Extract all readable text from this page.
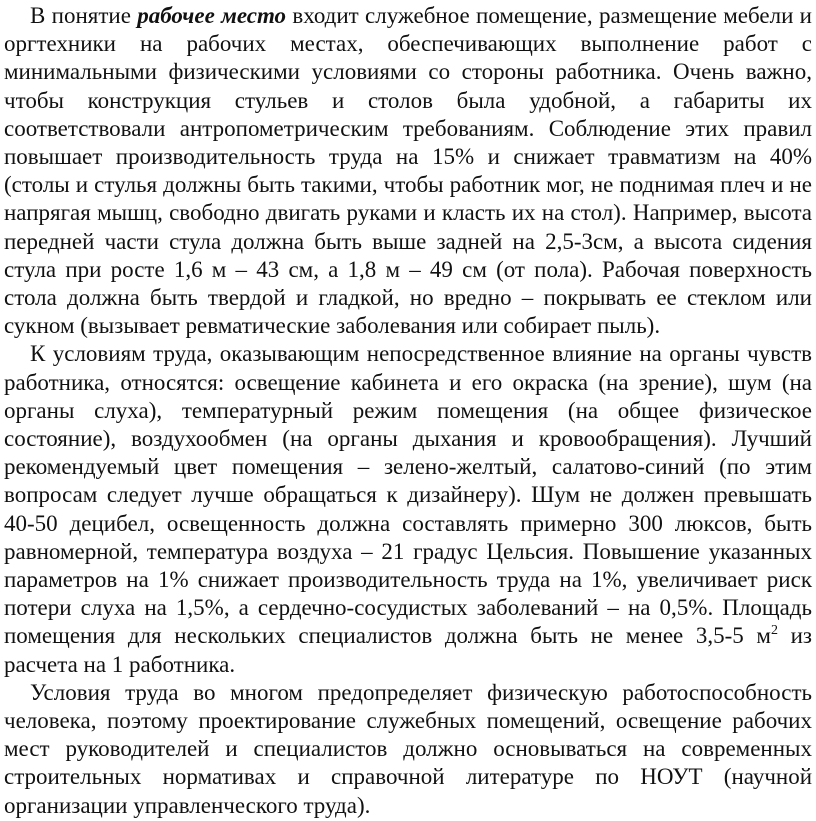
В понятие рабочее место входит служебное помещение, размещение мебели и оргтехники на рабочих местах, обеспечивающих выполнение работ с минимальными физическими условиями со стороны работника. Очень важно, чтобы конструкция стульев и столов была удобной, а габариты их соответствовали антропометрическим требованиям. Соблюдение этих правил повышает производительность труда на 15% и снижает травматизм на 40% (столы и стулья должны быть такими, чтобы работник мог, не поднимая плеч и не напрягая мышц, свободно двигать руками и класть их на стол). Например, высота передней части стула должна быть выше задней на 2,5-3см, а высота сидения стула при росте 1,6 м – 43 см, а 1,8 м – 49 см (от пола). Рабочая поверхность стола должна быть твердой и гладкой, но вредно – покрывать ее стеклом или сукном (вызывает ревматические заболевания или собирает пыль).

К условиям труда, оказывающим непосредственное влияние на органы чувств работника, относятся: освещение кабинета и его окраска (на зрение), шум (на органы слуха), температурный режим помещения (на общее физическое состояние), воздухообмен (на органы дыхания и кровообращения). Лучший рекомендуемый цвет помещения – зелено-желтый, салатово-синий (по этим вопросам следует лучше обращаться к дизайнеру). Шум не должен превышать 40-50 децибел, освещенность должна составлять примерно 300 люксов, быть равномерной, температура воздуха – 21 градус Цельсия. Повышение указанных параметров на 1% снижает производительность труда на 1%, увеличивает риск потери слуха на 1,5%, а сердечно-сосудистых заболеваний – на 0,5%. Площадь помещения для нескольких специалистов должна быть не менее 3,5-5 $м^2$ из расчета на 1 работника.

Условия труда во многом предопределяет физическую работоспособность человека, поэтому проектирование служебных помещений, освещение рабочих мест руководителей и специалистов должно основываться на современных строительных нормативах и справочной литературе по НОУТ (научной организации управленческого труда).
